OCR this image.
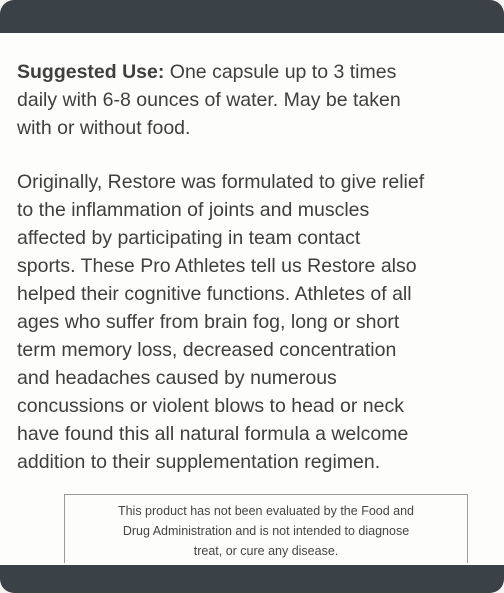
Suggested Use: One capsule up to 3 times
daily with 6-8 ounces of water. May be taken
with or without food.
Originally, Restore was formulated to give relief
to the inflammation of joints and muscles
affected by participating in team contact
sports. These Pro Athletes tell us Restore also
helped their cognitive functions. Athletes of all
ages who suffer from brain fog, long or short
term memory loss, decreased concentration
and headaches caused by numerous
concussions or violent blows to head or neck
have found this all natural formula a welcome
addition to their supplementation regimen.
This product has not been evaluated by the Food and
Drug Administration and is not intended to diagnose
treat, or cure any disease.
